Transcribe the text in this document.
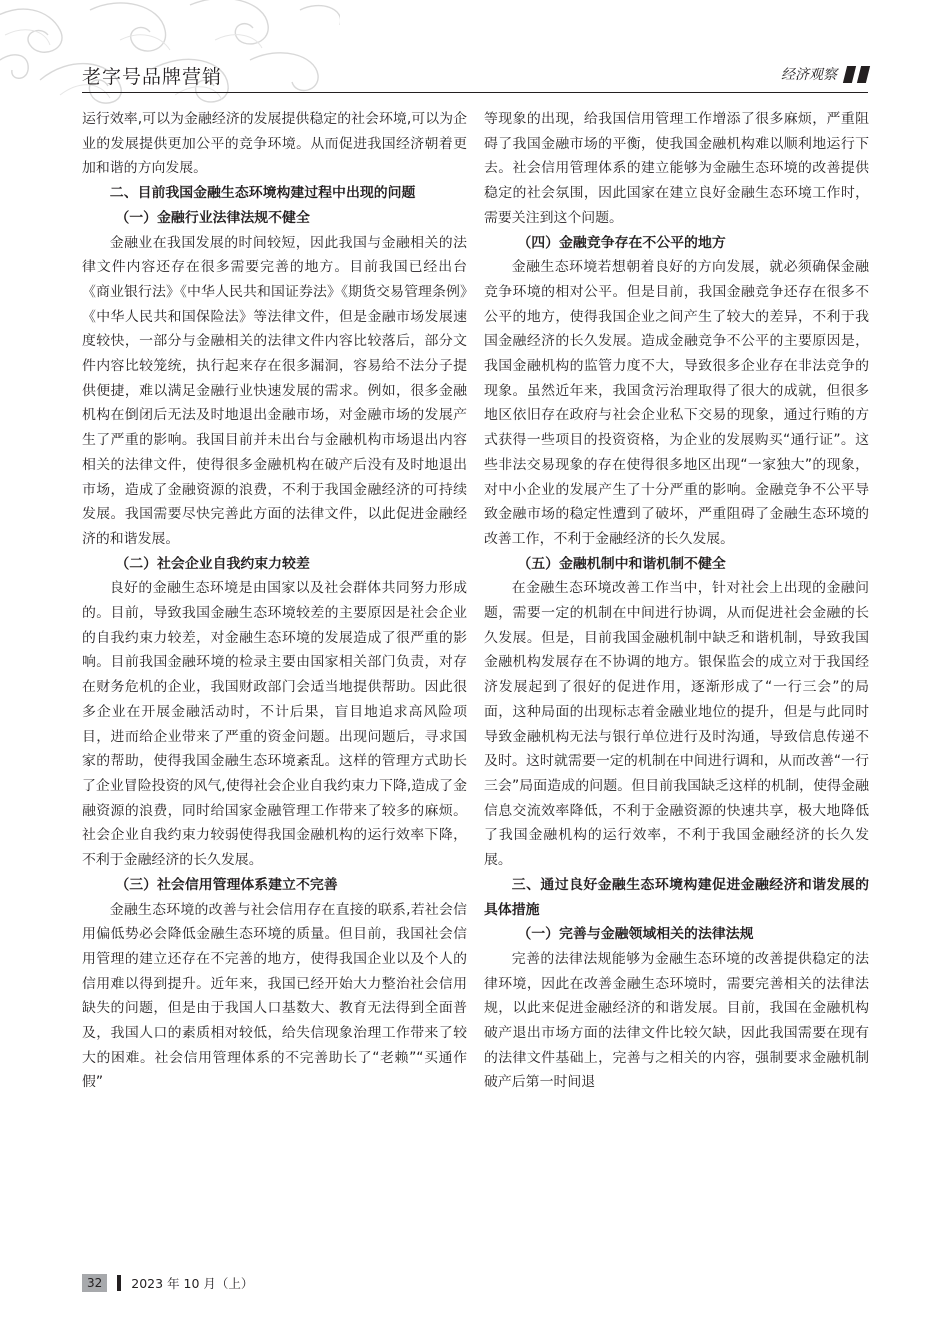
老字号品牌营销	经济观察

运行效率,可以为金融经济的发展提供稳定的社会环境,可以为企业的发展提供更加公平的竞争环境。从而促进我国经济朝着更加和谐的方向发展。

二、目前我国金融生态环境构建过程中出现的问题

（一）金融行业法律法规不健全

金融业在我国发展的时间较短，因此我国与金融相关的法律文件内容还存在很多需要完善的地方。目前我国已经出台《商业银行法》《中华人民共和国证券法》《期货交易管理条例》《中华人民共和国保险法》等法律文件，但是金融市场发展速度较快，一部分与金融相关的法律文件内容比较落后，部分文件内容比较笼统，执行起来存在很多漏洞，容易给不法分子提供便捷，难以满足金融行业快速发展的需求。例如，很多金融机构在倒闭后无法及时地退出金融市场，对金融市场的发展产生了严重的影响。我国目前并未出台与金融机构市场退出内容相关的法律文件，使得很多金融机构在破产后没有及时地退出市场，造成了金融资源的浪费，不利于我国金融经济的可持续发展。我国需要尽快完善此方面的法律文件，以此促进金融经济的和谐发展。

（二）社会企业自我约束力较差

良好的金融生态环境是由国家以及社会群体共同努力形成的。目前，导致我国金融生态环境较差的主要原因是社会企业的自我约束力较差，对金融生态环境的发展造成了很严重的影响。目前我国金融环境的检录主要由国家相关部门负责，对存在财务危机的企业，我国财政部门会适当地提供帮助。因此很多企业在开展金融活动时，不计后果，盲目地追求高风险项目，进而给企业带来了严重的资金问题。出现问题后，寻求国家的帮助，使得我国金融生态环境紊乱。这样的管理方式助长了企业冒险投资的风气,使得社会企业自我约束力下降,造成了金融资源的浪费，同时给国家金融管理工作带来了较多的麻烦。社会企业自我约束力较弱使得我国金融机构的运行效率下降，不利于金融经济的长久发展。

（三）社会信用管理体系建立不完善

金融生态环境的改善与社会信用存在直接的联系,若社会信用偏低势必会降低金融生态环境的质量。但目前，我国社会信用管理的建立还存在不完善的地方，使得我国企业以及个人的信用难以得到提升。近年来，我国已经开始大力整治社会信用缺失的问题，但是由于我国人口基数大、教育无法得到全面普及，我国人口的素质相对较低，给失信现象治理工作带来了较大的困难。社会信用管理体系的不完善助长了“老赖”“买通作假”

等现象的出现，给我国信用管理工作增添了很多麻烦，严重阻碍了我国金融市场的平衡，使我国金融机构难以顺利地运行下去。社会信用管理体系的建立能够为金融生态环境的改善提供稳定的社会氛围，因此国家在建立良好金融生态环境工作时，需要关注到这个问题。

（四）金融竞争存在不公平的地方

金融生态环境若想朝着良好的方向发展，就必须确保金融竞争环境的相对公平。但是目前，我国金融竞争还存在很多不公平的地方，使得我国企业之间产生了较大的差异，不利于我国金融经济的长久发展。造成金融竞争不公平的主要原因是，我国金融机构的监管力度不大，导致很多企业存在非法竞争的现象。虽然近年来，我国贪污治理取得了很大的成就，但很多地区依旧存在政府与社会企业私下交易的现象，通过行贿的方式获得一些项目的投资资格，为企业的发展购买“通行证”。这些非法交易现象的存在使得很多地区出现“一家独大”的现象，对中小企业的发展产生了十分严重的影响。金融竞争不公平导致金融市场的稳定性遭到了破坏，严重阻碍了金融生态环境的改善工作，不利于金融经济的长久发展。

（五）金融机制中和谐机制不健全

在金融生态环境改善工作当中，针对社会上出现的金融问题，需要一定的机制在中间进行协调，从而促进社会金融的长久发展。但是，目前我国金融机制中缺乏和谐机制，导致我国金融机构发展存在不协调的地方。银保监会的成立对于我国经济发展起到了很好的促进作用，逐渐形成了“一行三会”的局面，这种局面的出现标志着金融业地位的提升，但是与此同时导致金融机构无法与银行单位进行及时沟通，导致信息传递不及时。这时就需要一定的机制在中间进行调和，从而改善“一行三会”局面造成的问题。但目前我国缺乏这样的机制，使得金融信息交流效率降低，不利于金融资源的快速共享，极大地降低了我国金融机构的运行效率，不利于我国金融经济的长久发展。

三、通过良好金融生态环境构建促进金融经济和谐发展的具体措施

（一）完善与金融领域相关的法律法规

完善的法律法规能够为金融生态环境的改善提供稳定的法律环境，因此在改善金融生态环境时，需要完善相关的法律法规，以此来促进金融经济的和谐发展。目前，我国在金融机构破产退出市场方面的法律文件比较欠缺，因此我国需要在现有的法律文件基础上，完善与之相关的内容，强制要求金融机制破产后第一时间退

32	2023 年 10 月（上）
